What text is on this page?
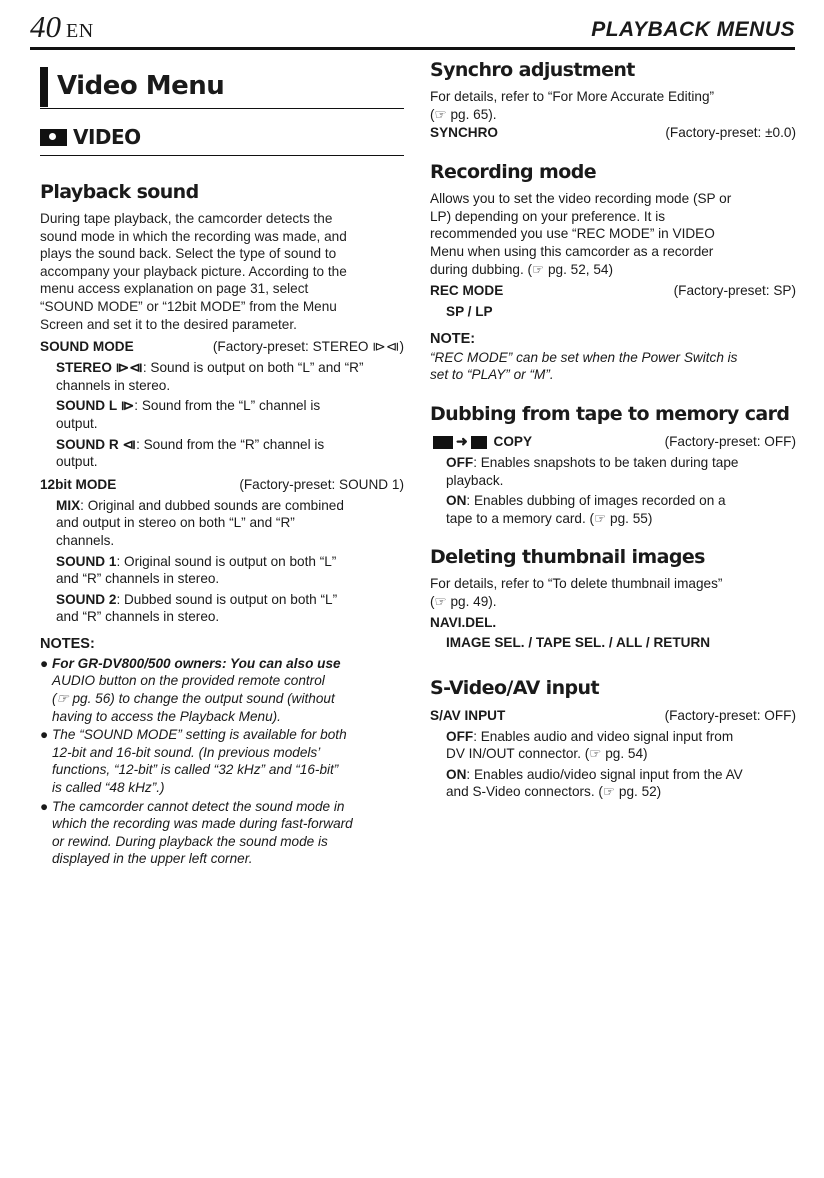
40 EN	PLAYBACK MENUS
Video Menu
VIDEO
Playback sound
During tape playback, the camcorder detects the
sound mode in which the recording was made, and
plays the sound back. Select the type of sound to
accompany your playback picture. According to the
menu access explanation on page 31, select
“SOUND MODE” or “12bit MODE” from the Menu
Screen and set it to the desired parameter.
SOUND MODE	(Factory-preset: STEREO ⧐⧏)
STEREO ⧐⧏: Sound is output on both “L” and “R”
channels in stereo.
SOUND L ⧐: Sound from the “L” channel is
output.
SOUND R ⧏: Sound from the “R” channel is
output.
12bit MODE	(Factory-preset: SOUND 1)
MIX: Original and dubbed sounds are combined
and output in stereo on both “L” and “R”
channels.
SOUND 1: Original sound is output on both “L”
and “R” channels in stereo.
SOUND 2: Dubbed sound is output on both “L”
and “R” channels in stereo.
NOTES:
● For GR-DV800/500 owners: You can also use
AUDIO button on the provided remote control
(☞ pg. 56) to change the output sound (without
having to access the Playback Menu).
● The “SOUND MODE” setting is available for both
12-bit and 16-bit sound. (In previous models’
functions, “12-bit” is called “32 kHz” and “16-bit”
is called “48 kHz”.)
● The camcorder cannot detect the sound mode in
which the recording was made during fast-forward
or rewind. During playback the sound mode is
displayed in the upper left corner.
Synchro adjustment
For details, refer to “For More Accurate Editing”
(☞ pg. 65).
SYNCHRO	(Factory-preset: ±0.0)
Recording mode
Allows you to set the video recording mode (SP or
LP) depending on your preference. It is
recommended you use “REC MODE” in VIDEO
Menu when using this camcorder as a recorder
during dubbing. (☞ pg. 52, 54)
REC MODE	(Factory-preset: SP)
SP / LP
NOTE:
“REC MODE” can be set when the Power Switch is
set to “PLAY” or “M”.
Dubbing from tape to memory card
➜ COPY	(Factory-preset: OFF)
OFF: Enables snapshots to be taken during tape
playback.
ON: Enables dubbing of images recorded on a
tape to a memory card. (☞ pg. 55)
Deleting thumbnail images
For details, refer to “To delete thumbnail images”
(☞ pg. 49).
NAVI.DEL.
IMAGE SEL. / TAPE SEL. / ALL / RETURN
S-Video/AV input
S/AV INPUT	(Factory-preset: OFF)
OFF: Enables audio and video signal input from
DV IN/OUT connector. (☞ pg. 54)
ON: Enables audio/video signal input from the AV
and S-Video connectors. (☞ pg. 52)
